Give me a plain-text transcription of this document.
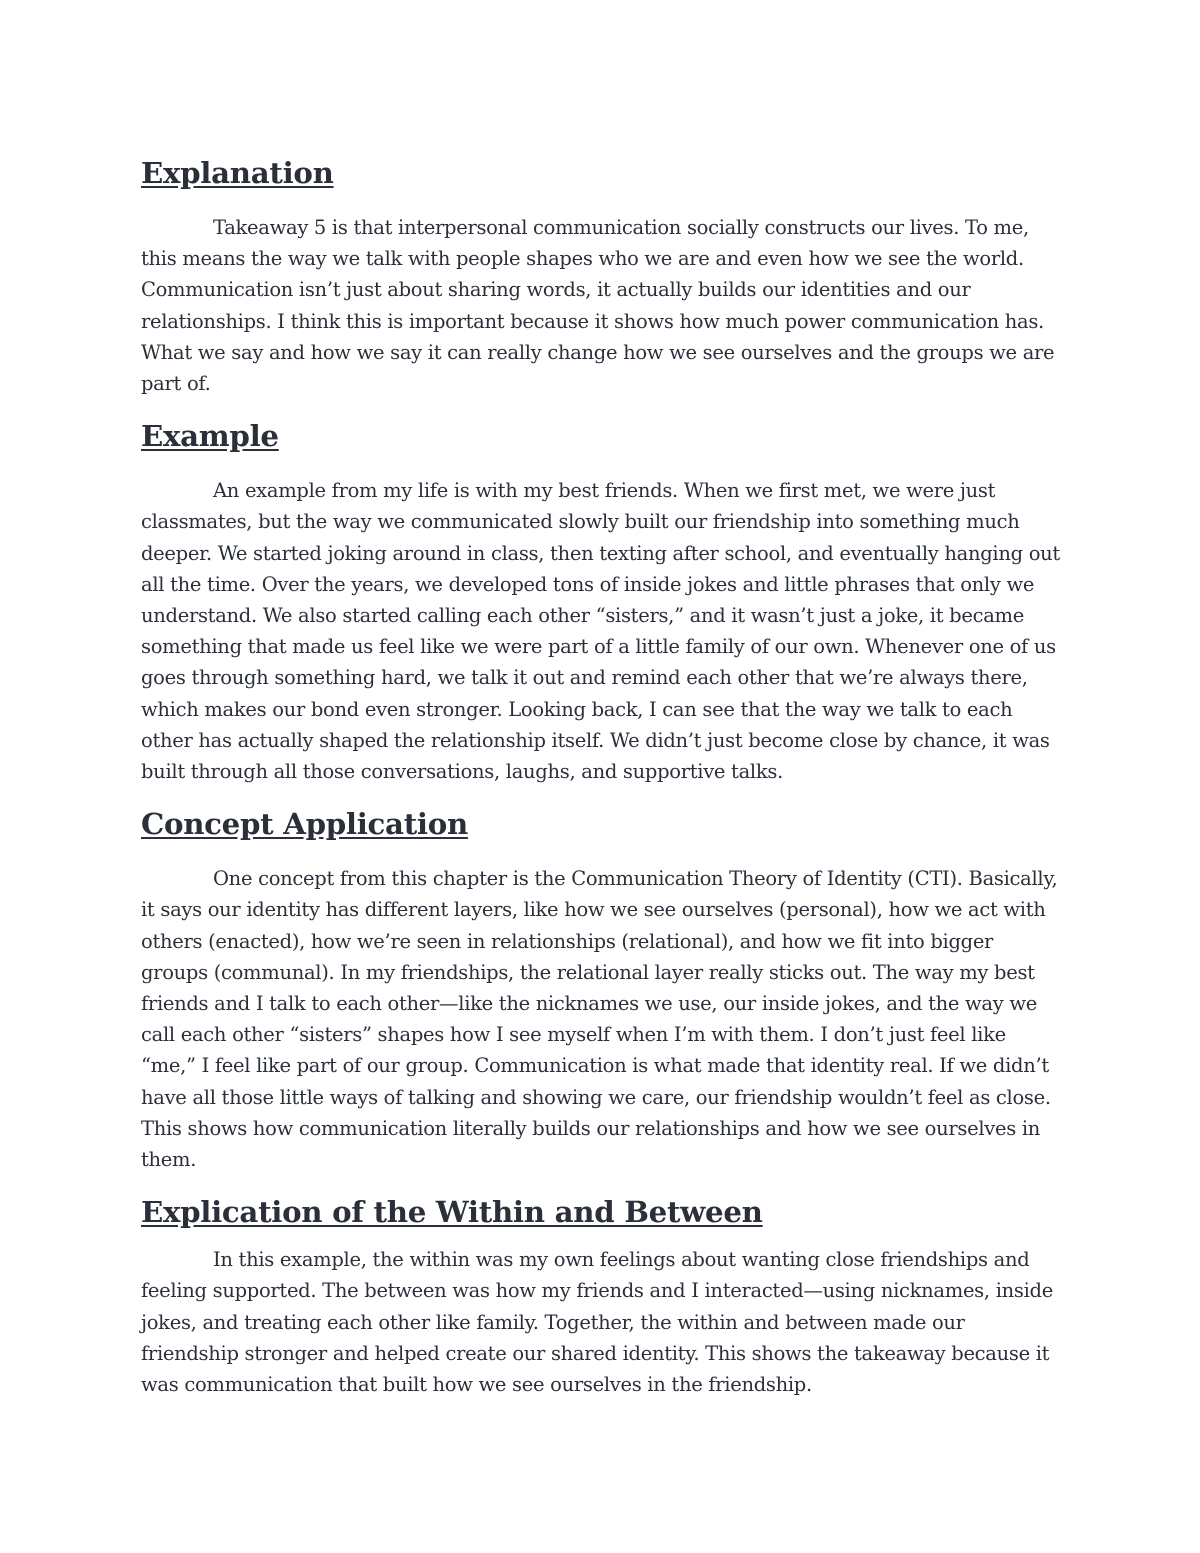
Explanation

Takeaway 5 is that interpersonal communication socially constructs our lives. To me, this means the way we talk with people shapes who we are and even how we see the world. Communication isn’t just about sharing words, it actually builds our identities and our relationships. I think this is important because it shows how much power communication has. What we say and how we say it can really change how we see ourselves and the groups we are part of.

Example

An example from my life is with my best friends. When we first met, we were just classmates, but the way we communicated slowly built our friendship into something much deeper. We started joking around in class, then texting after school, and eventually hanging out all the time. Over the years, we developed tons of inside jokes and little phrases that only we understand. We also started calling each other “sisters,” and it wasn’t just a joke, it became something that made us feel like we were part of a little family of our own. Whenever one of us goes through something hard, we talk it out and remind each other that we’re always there, which makes our bond even stronger. Looking back, I can see that the way we talk to each other has actually shaped the relationship itself. We didn’t just become close by chance, it was built through all those conversations, laughs, and supportive talks.

Concept Application

One concept from this chapter is the Communication Theory of Identity (CTI). Basically, it says our identity has different layers, like how we see ourselves (personal), how we act with others (enacted), how we’re seen in relationships (relational), and how we fit into bigger groups (communal). In my friendships, the relational layer really sticks out. The way my best friends and I talk to each other—like the nicknames we use, our inside jokes, and the way we call each other “sisters” shapes how I see myself when I’m with them. I don’t just feel like “me,” I feel like part of our group. Communication is what made that identity real. If we didn’t have all those little ways of talking and showing we care, our friendship wouldn’t feel as close. This shows how communication literally builds our relationships and how we see ourselves in them.

Explication of the Within and Between

In this example, the within was my own feelings about wanting close friendships and feeling supported. The between was how my friends and I interacted—using nicknames, inside jokes, and treating each other like family. Together, the within and between made our friendship stronger and helped create our shared identity. This shows the takeaway because it was communication that built how we see ourselves in the friendship.
